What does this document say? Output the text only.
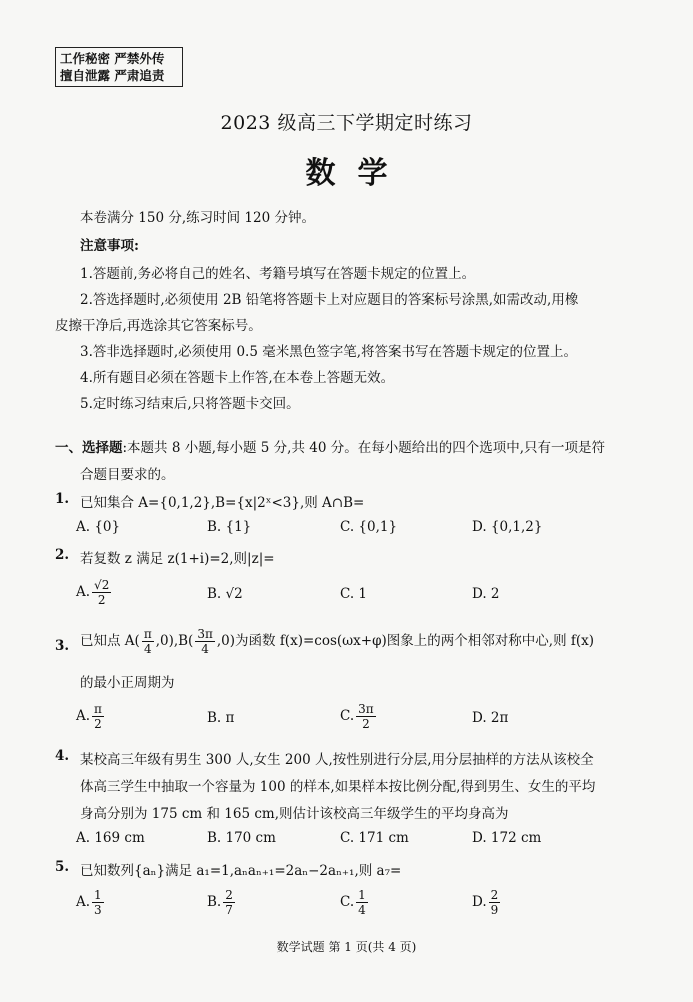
工作秘密 严禁外传
擅自泄露 严肃追责
2023 级高三下学期定时练习
数学
本卷满分 150 分,练习时间 120 分钟。
注意事项:
1.答题前,务必将自己的姓名、考籍号填写在答题卡规定的位置上。
2.答选择题时,必须使用 2B 铅笔将答题卡上对应题目的答案标号涂黑,如需改动,用橡
皮擦干净后,再选涂其它答案标号。
3.答非选择题时,必须使用 0.5 毫米黑色签字笔,将答案书写在答题卡规定的位置上。
4.所有题目必须在答题卡上作答,在本卷上答题无效。
5.定时练习结束后,只将答题卡交回。
一、选择题:本题共 8 小题,每小题 5 分,共 40 分。在每小题给出的四个选项中,只有一项是符
合题目要求的。
1. 已知集合 A={0,1,2},B={x|2ˣ<3},则 A∩B=
A. {0}	B. {1}	C. {0,1}	D. {0,1,2}
2. 若复数 z 满足 z(1+i)=2,则|z|=
A. $\frac{√2}{2}$	B. √2	C. 1	D. 2
3. 已知点 $A( \frac{\pi}{4} ,0),B( \frac{3\pi}{4} ,0)$为函数 f(x)=cos(ωx+φ)图象上的两个相邻对称中心,则 f(x)
的最小正周期为
A. $\frac{\pi}{2}$	B. π	C. $\frac{3\pi}{2}$	D. 2π
4. 某校高三年级有男生 300 人,女生 200 人,按性别进行分层,用分层抽样的方法从该校全
体高三学生中抽取一个容量为 100 的样本,如果样本按比例分配,得到男生、女生的平均
身高分别为 175 cm 和 165 cm,则估计该校高三年级学生的平均身高为
A. 169 cm	B. 170 cm	C. 171 cm	D. 172 cm
5. 已知数列{aₙ}满足 a₁=1,aₙaₙ₊₁=2aₙ−2aₙ₊₁,则 a₇=
A. $\frac{1}{3}$	B. $\frac{2}{7}$	C. $\frac{1}{4}$	D. $\frac{2}{9}$
数学试题 第 1 页(共 4 页)
